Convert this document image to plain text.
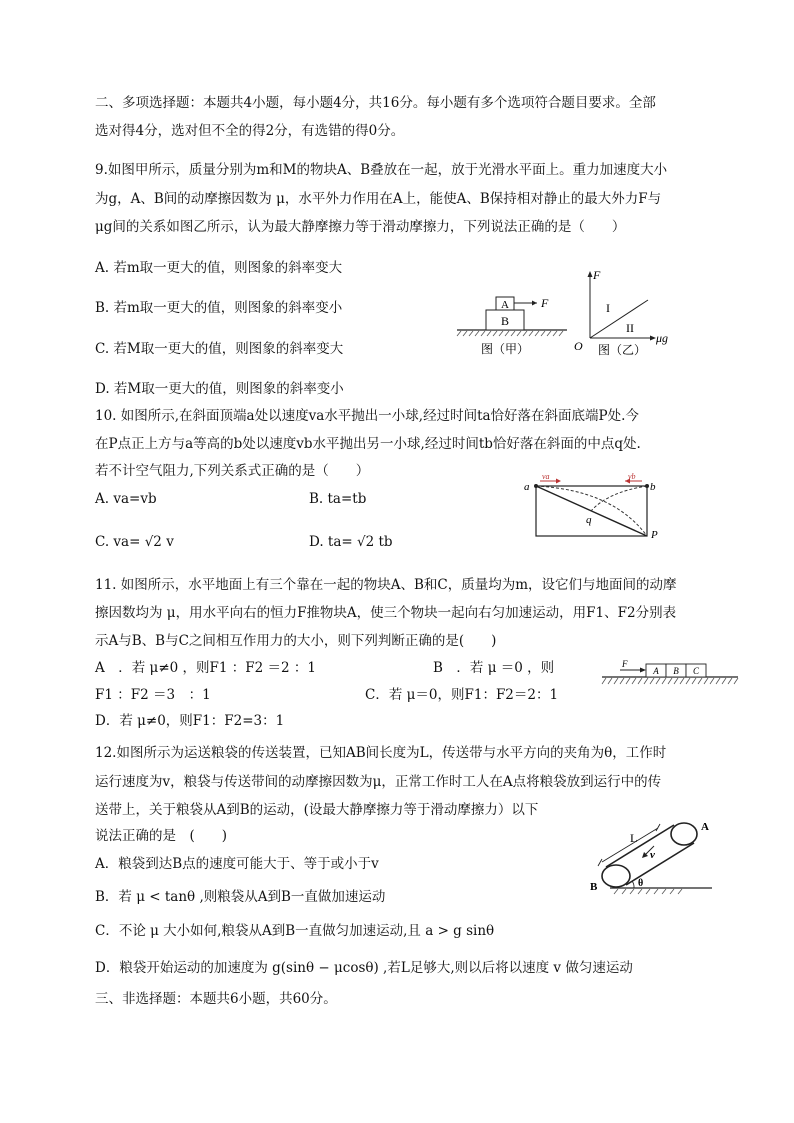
二、多项选择题：本题共4小题，每小题4分，共16分。每小题有多个选项符合题目要求。全部
选对得4分，选对但不全的得2分，有选错的得0分。
9.如图甲所示，质量分别为m和M的物块A、B叠放在一起，放于光滑水平面上。重力加速度大小
为g，A、B间的动摩擦因数为 μ，水平外力作用在A上，能使A、B保持相对静止的最大外力F与
μg间的关系如图乙所示，认为最大静摩擦力等于滑动摩擦力，下列说法正确的是（　　）
A. 若m取一更大的值，则图象的斜率变大
B. 若m取一更大的值，则图象的斜率变小
C. 若M取一更大的值，则图象的斜率变大
D. 若M取一更大的值，则图象的斜率变小
B
A	F
图（甲）
F
μg
O
I
II
图（乙）
10. 如图所示,在斜面顶端a处以速度va水平抛出一小球,经过时间ta恰好落在斜面底端P处.今
在P点正上方与a等高的b处以速度vb水平抛出另一小球,经过时间tb恰好落在斜面的中点q处.
若不计空气阻力,下列关系式正确的是（　　）
A. va=vb	B. ta=tb
C. va= √2 v	D. ta= √2 tb
va	vb
a	b
q
P
11. 如图所示，水平地面上有三个靠在一起的物块A、B和C，质量均为m，设它们与地面间的动摩
擦因数均为 μ，用水平向右的恒力F推物块A，使三个物块一起向右匀加速运动，用F1、F2分别表
示A与B、B与C之间相互作用力的大小，则下列判断正确的是(　　)
A　．若 μ≠0 ，则F1 ：F2 ＝2 ：1	B　．若 μ ＝0 ，则
F1 ：F2 ＝3　：1	C．若 μ＝0，则F1：F2＝2：1
D．若 μ≠0，则F1：F2=3：1
F
A B C
12.如图所示为运送粮袋的传送装置，已知AB间长度为L，传送带与水平方向的夹角为θ，工作时
运行速度为v，粮袋与传送带间的动摩擦因数为μ，正常工作时工人在A点将粮袋放到运行中的传
送带上，关于粮袋从A到B的运动，(设最大静摩擦力等于滑动摩擦力）以下
说法正确的是　(　　)
A．粮袋到达B点的速度可能大于、等于或小于v
B．若 μ < tanθ ,则粮袋从A到B一直做加速运动
C．不论 μ 大小如何,粮袋从A到B一直做匀加速运动,且 a > g sinθ
D．粮袋开始运动的加速度为 g(sinθ − μcosθ) ,若L足够大,则以后将以速度 v 做匀速运动
L
v
A
B	θ
三、非选择题：本题共6小题，共60分。
